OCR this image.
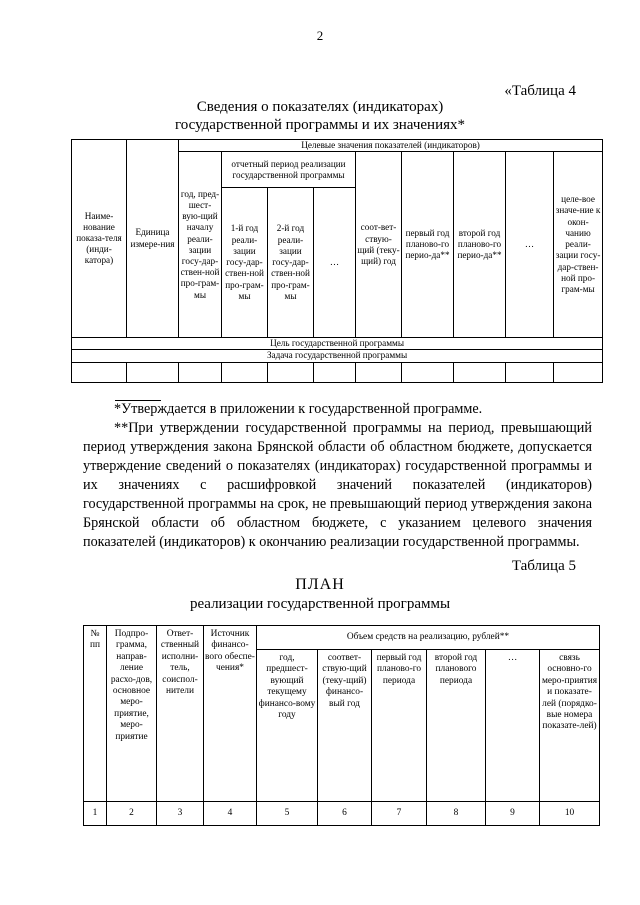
2
«Таблица 4
Сведения о показателях (индикаторах)
государственной программы и их значениях*
Наиме-нование показа-теля (инди-катора)	Единица измере-ния	Целевые значения показателей (индикаторов)								
		год, пред-шест-вую-щий началу реали-зации госу-дар-ствен-ной про-грам-мы	отчетный период реализации государственной программы			соот-вет-ствую-щий (теку-щий) год	первый год планово-го перио-да**	второй год планово-го перио-да**	…	целе-вое значе-ние к окон-чанию реали-зации госу-дар-ствен-ной про-грам-мы
			1-й год реали-зации госу-дар-ствен-ной про-грам-мы	2-й год реали-зации госу-дар-ствен-ной про-грам-мы	…					
Цель государственной программы										
Задача государственной программы										

*Утверждается в приложении к государственной программе.
**При утверждении государственной программы на период, превышающий период утверждения закона Брянской области об областном бюджете, допускается утверждение сведений о показателях (индикаторах) государственной программы и их значениях с расшифровкой значений показателей (индикаторов) государственной программы на срок, не превышающий период утверждения закона Брянской области об областном бюджете, с указанием целевого значения показателей (индикаторов) к окончанию реализации государственной программы.
Таблица 5
ПЛАН
реализации государственной программы
№ пп	Подпро-грамма, направ-ление расхо-дов, основное меро-приятие, меро-приятие	Ответ-ственный исполни-тель, соиспол-нители	Источник финансо-вого обеспе-чения*	Объем средств на реализацию, рублей**					
				год, предшест-вующий текущему финансо-вому году	соответ-ствую-щий (теку-щий) финансо-вый год	первый год планово-го периода	второй год планового периода	…	связь основно-го меро-приятия и показате-лей (порядко-вые номера показате-лей)
1	2	3	4	5	6	7	8	9	10
